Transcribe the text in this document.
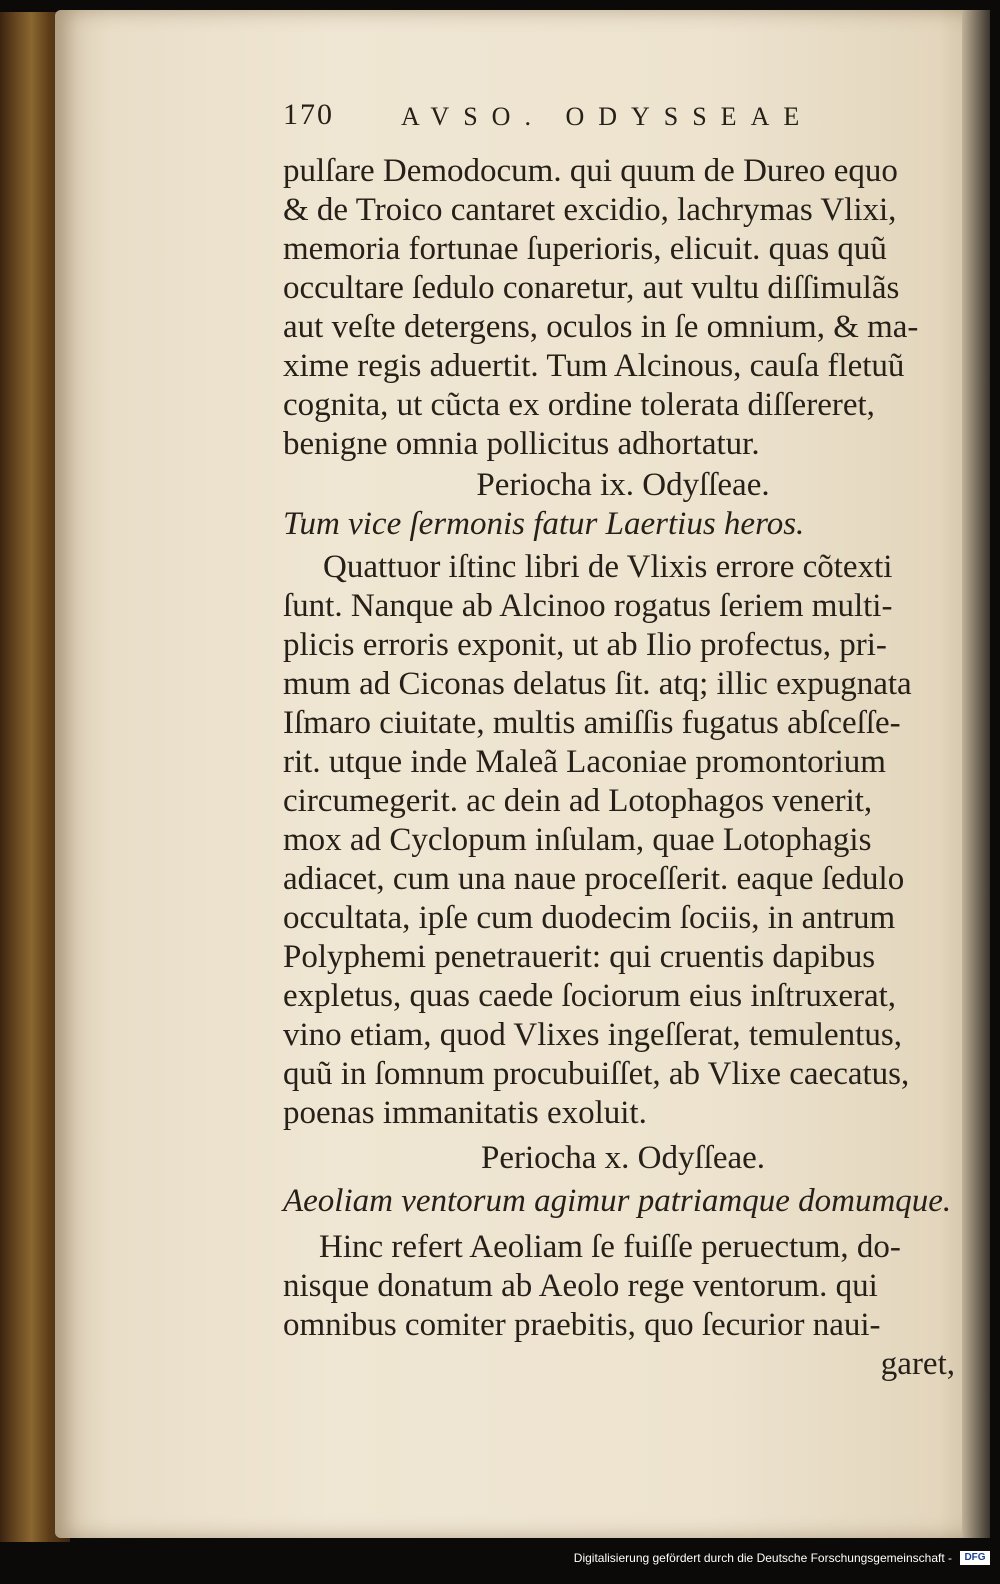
170	AVSO. ODYSSEAE
pulſare Demodocum. qui quum de Dureo equo
& de Troico cantaret excidio, lachrymas Vlixi,
memoria fortunae ſuperioris, elicuit. quas quũ
occultare ſedulo conaretur, aut vultu diſſimulãs
aut veſte detergens, oculos in ſe omnium, & ma-
xime regis aduertit. Tum Alcinous, cauſa fletuũ
cognita, ut cũcta ex ordine tolerata diſſereret,
benigne omnia pollicitus adhortatur.
Periocha ix. Odyſſeae.
Tum vice ſermonis fatur Laertius heros.
Quattuor iſtinc libri de Vlixis errore cõtexti
ſunt. Nanque ab Alcinoo rogatus ſeriem multi-
plicis erroris exponit, ut ab Ilio profectus, pri-
mum ad Ciconas delatus ſit. atq; illic expugnata
Iſmaro ciuitate, multis amiſſis fugatus abſceſſe-
rit. utque inde Maleã Laconiae promontorium
circumegerit. ac dein ad Lotophagos venerit,
mox ad Cyclopum inſulam, quae Lotophagis
adiacet, cum una naue proceſſerit. eaque ſedulo
occultata, ipſe cum duodecim ſociis, in antrum
Polyphemi penetrauerit: qui cruentis dapibus
expletus, quas caede ſociorum eius inſtruxerat,
vino etiam, quod Vlixes ingeſſerat, temulentus,
quũ in ſomnum procubuiſſet, ab Vlixe caecatus,
poenas immanitatis exoluit.
Periocha x. Odyſſeae.
Aeoliam ventorum agimur patriamque domumque.
Hinc refert Aeoliam ſe fuiſſe perueсtum, do-
nisque donatum ab Aeolo rege ventorum. qui
omnibus comiter praebitis, quo ſecurior naui-
garet,
Digitalisierung gefördert durch die Deutsche Forschungsgemeinschaft -	DFG
